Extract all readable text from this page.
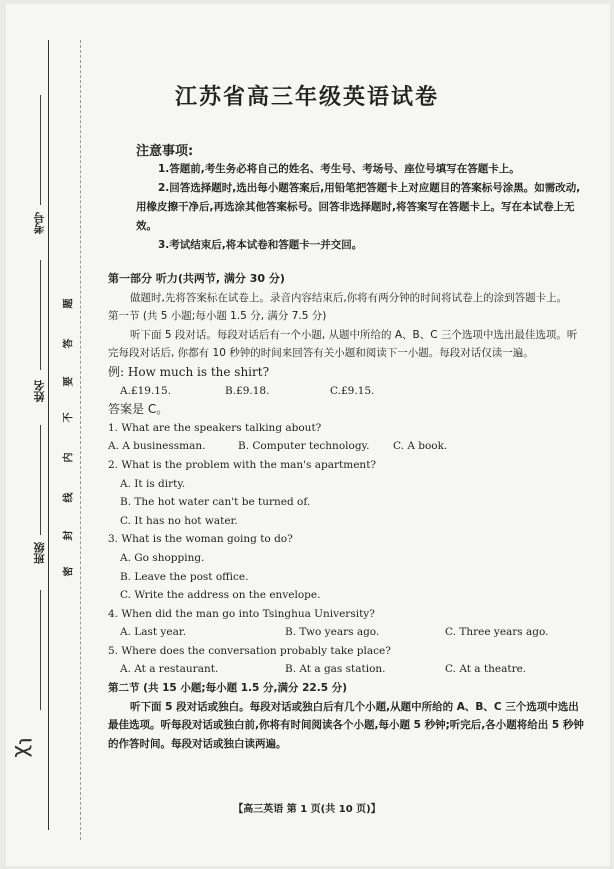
考号
姓名
班级
题
答
要
不
内
线
封
密
ιχ
江苏省高三年级英语试卷
注意事项:

1.答题前,考生务必将自己的姓名、考生号、考场号、座位号填写在答题卡上。

2.回答选择题时,选出每小题答案后,用铅笔把答题卡上对应题目的答案标号涂黑。如需改动,用橡皮擦干净后,再选涂其他答案标号。回答非选择题时,将答案写在答题卡上。写在本试卷上无效。

3.考试结束后,将本试卷和答题卡一并交回。

第一部分 听力(共两节, 满分 30 分)

做题时,先将答案标在试卷上。录音内容结束后,你将有两分钟的时间将试卷上的涂到答题卡上。

第一节 (共 5 小题;每小题 1.5 分, 满分 7.5 分)

听下面 5 段对话。每段对话后有一个小题, 从题中所给的 A、B、C 三个选项中选出最佳选项。听完每段对话后, 你都有 10 秒钟的时间来回答有关小题和阅读下一小题。每段对话仅读一遍。

例: How much is the shirt?

A.£19.15.	B.£9.18.	C.£9.15.

答案是 C。

1. What are the speakers talking about?

A. A businessman.	B. Computer technology.	C. A book.

2. What is the problem with the man's apartment?

A. It is dirty.

B. The hot water can't be turned of.

C. It has no hot water.

3. What is the woman going to do?

A. Go shopping.

B. Leave the post office.

C. Write the address on the envelope.

4. When did the man go into Tsinghua University?

A. Last year.	B. Two years ago.	C. Three years ago.

5. Where does the conversation probably take place?

A. At a restaurant.	B. At a gas station.	C. At a theatre.

第二节 (共 15 小题;每小题 1.5 分,满分 22.5 分)

听下面 5 段对话或独白。每段对话或独白后有几个小题,从题中所给的 A、B、C 三个选项中选出最佳选项。听每段对话或独白前,你将有时间阅读各个小题,每小题 5 秒钟;听完后,各小题将给出 5 秒钟的作答时间。每段对话或独白读两遍。

【高三英语 第 1 页(共 10 页)】
